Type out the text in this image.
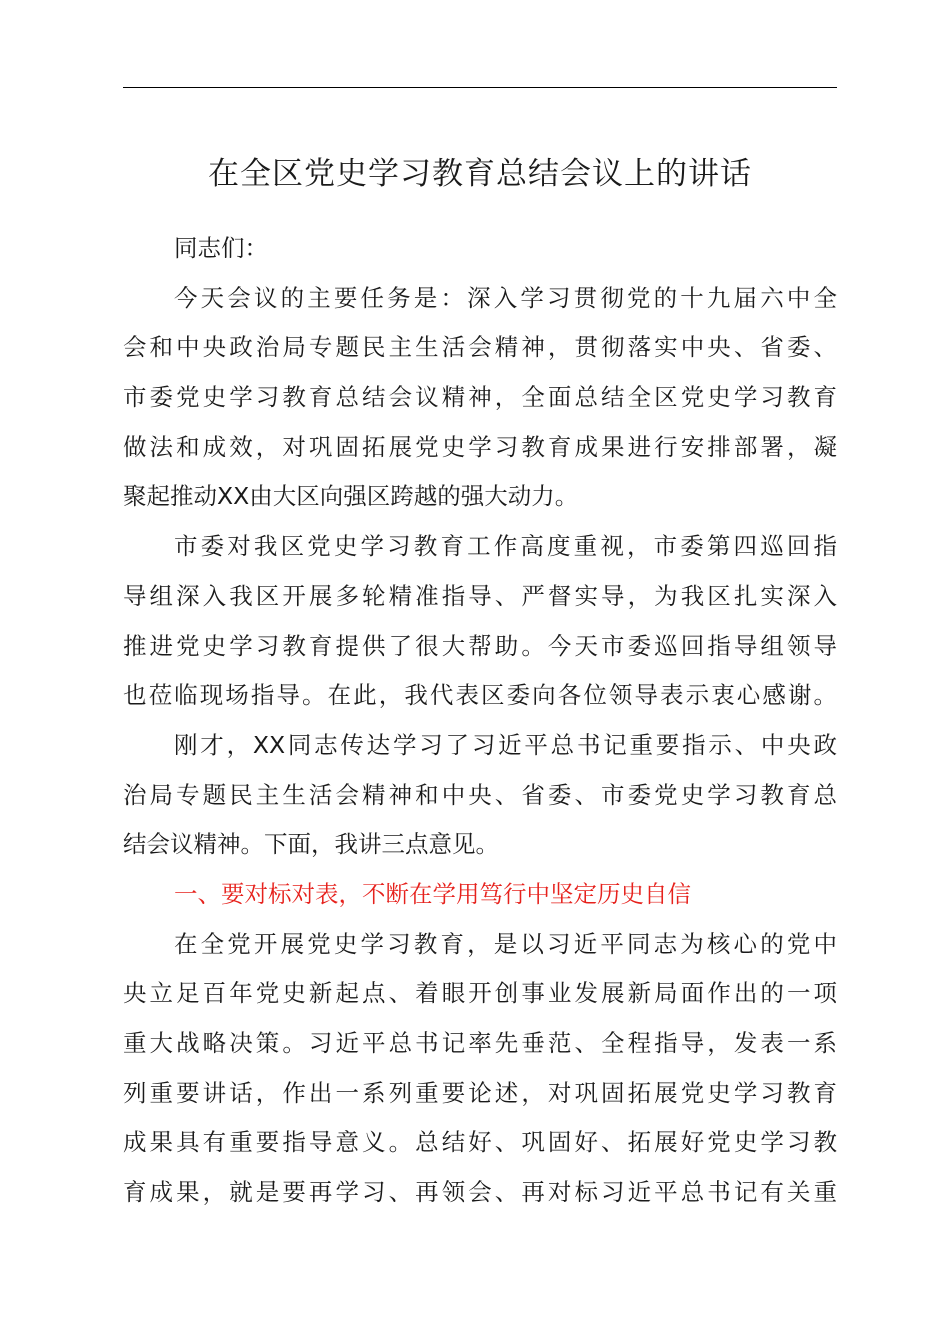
在全区党史学习教育总结会议上的讲话
同志们：
今天会议的主要任务是：深入学习贯彻党的十九届六中全
会和中央政治局专题民主生活会精神，贯彻落实中央、省委、
市委党史学习教育总结会议精神，全面总结全区党史学习教育
做法和成效，对巩固拓展党史学习教育成果进行安排部署，凝
聚起推动XX由大区向强区跨越的强大动力。
市委对我区党史学习教育工作高度重视，市委第四巡回指
导组深入我区开展多轮精准指导、严督实导，为我区扎实深入
推进党史学习教育提供了很大帮助。今天市委巡回指导组领导
也莅临现场指导。在此，我代表区委向各位领导表示衷心感谢。
刚才，XX同志传达学习了习近平总书记重要指示、中央政
治局专题民主生活会精神和中央、省委、市委党史学习教育总
结会议精神。下面，我讲三点意见。
一、要对标对表，不断在学用笃行中坚定历史自信
在全党开展党史学习教育，是以习近平同志为核心的党中
央立足百年党史新起点、着眼开创事业发展新局面作出的一项
重大战略决策。习近平总书记率先垂范、全程指导，发表一系
列重要讲话，作出一系列重要论述，对巩固拓展党史学习教育
成果具有重要指导意义。总结好、巩固好、拓展好党史学习教
育成果，就是要再学习、再领会、再对标习近平总书记有关重
